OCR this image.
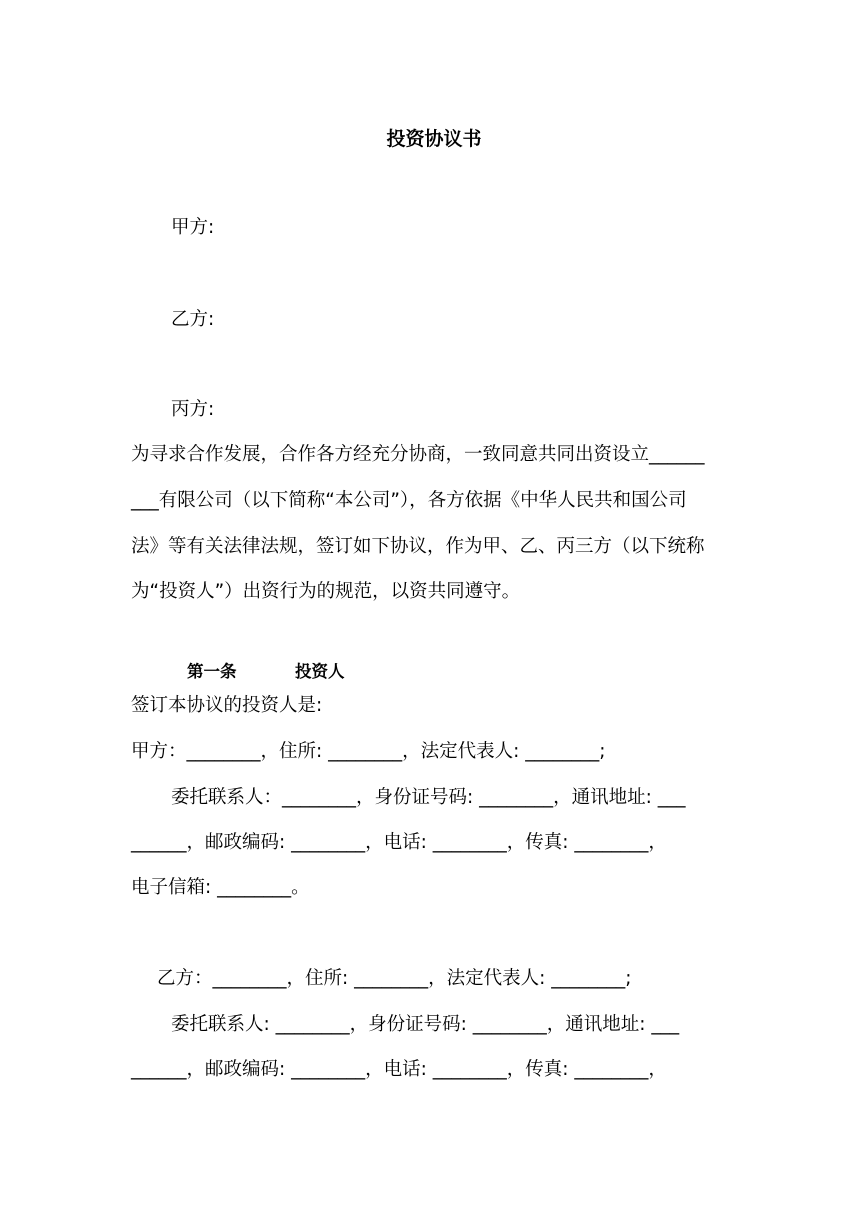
投资协议书
甲方:
乙方:
丙方:
为寻求合作发展，合作各方经充分协商，一致同意共同出资设立______
___有限公司（以下简称“本公司”），各方依据《中华人民共和国公司
法》等有关法律法规，签订如下协议，作为甲、乙、丙三方（以下统称
为“投资人”）出资行为的规范，以资共同遵守。
第一条	投资人
签订本协议的投资人是:
甲方：________，住所: ________，法定代表人: ________;
委托联系人：________，身份证号码: ________，通讯地址: ___
______，邮政编码: ________，电话: ________，传真: ________，
电子信箱: ________。
乙方：________，住所: ________，法定代表人: ________;
委托联系人: ________，身份证号码: ________，通讯地址: ___
______，邮政编码: ________，电话: ________，传真: ________，
